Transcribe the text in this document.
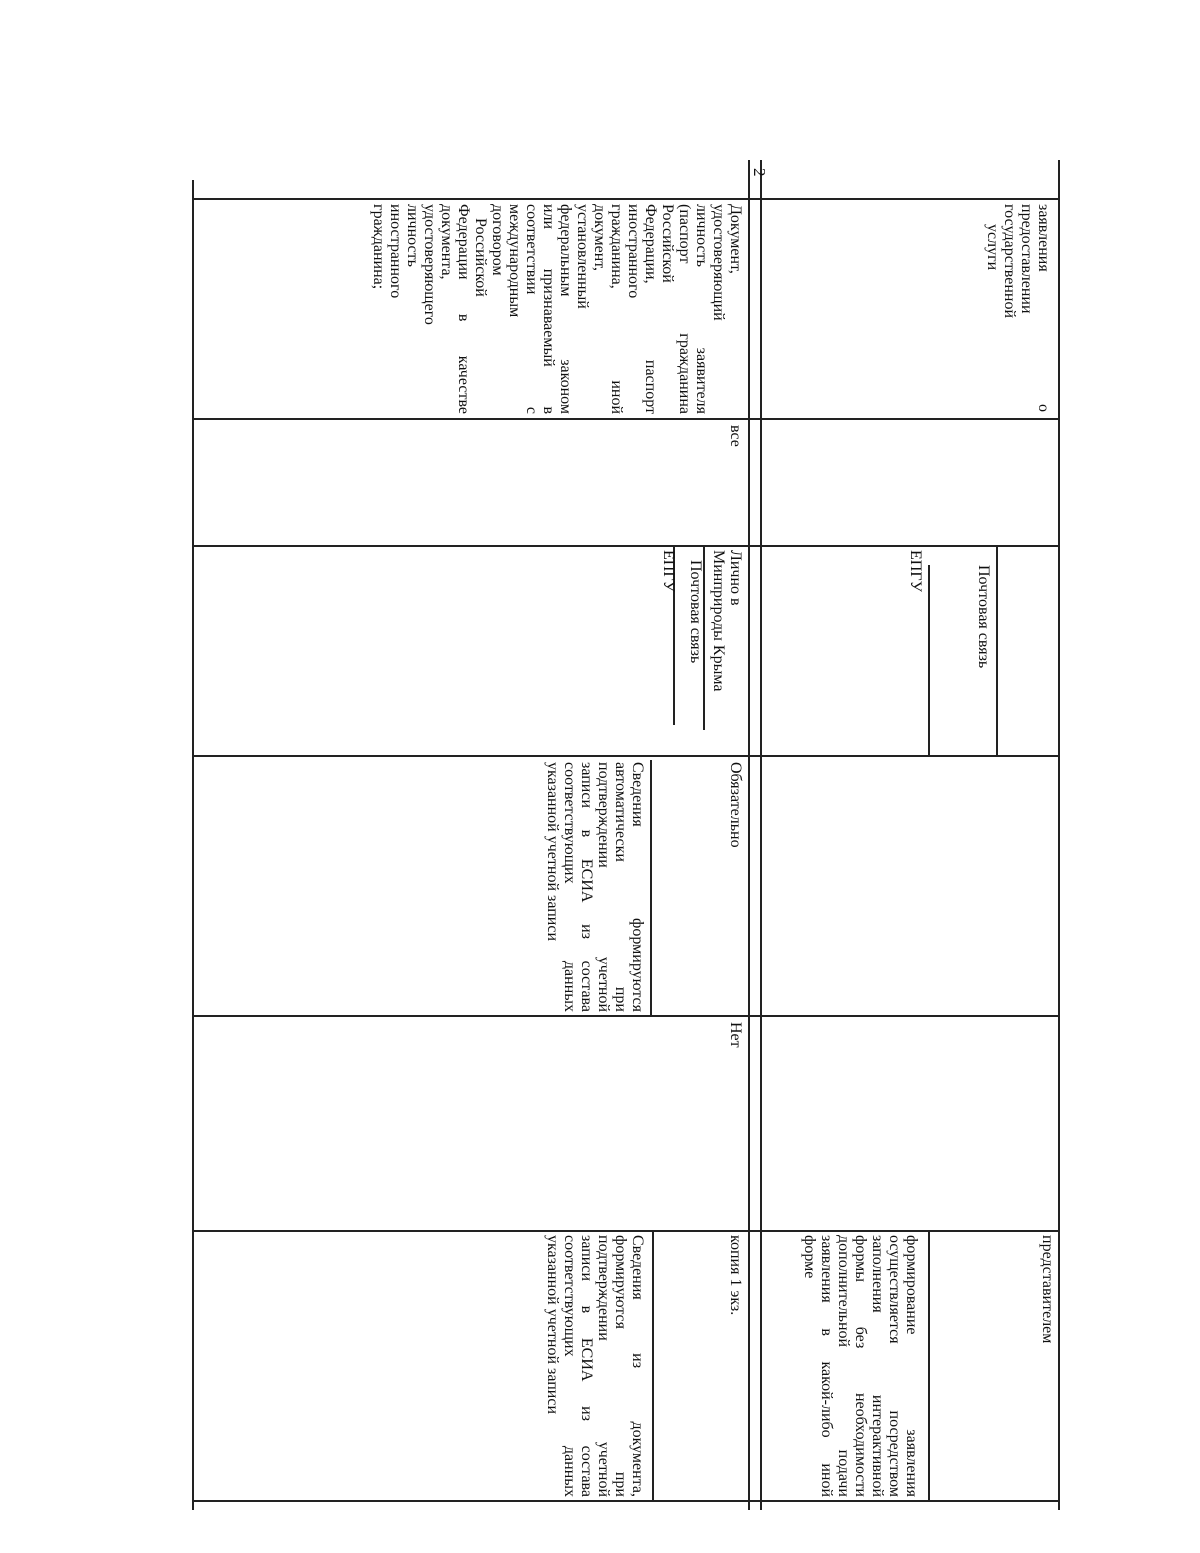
заявления
о
предоставлении
государственной
услуги
Почтовая связь
ЕПГУ
представителем
формирование заявления
осуществляется посредством
заполнения интерактивной
формы без необходимости
дополнительной подачи
заявления в какой-либо иной
форме
2
Документ,
удостоверяющий
личность заявителя
(паспорт гражданина
Российской
Федерации, паспорт
иностранного
гражданина, иной
документ,
установленный
федеральным законом
или признаваемый в
соответствии с
международным
договором
Российской
Федерации в качестве
документа,
удостоверяющего
личность
иностранного
гражданина;
все
Лично в
Минприроды Крыма
Почтовая связь
ЕПГУ
Обязательно
Сведения формируются
автоматически при
подтверждении учетной
записи в ЕСИА из состава
соответствующих данных
указанной учетной записи
Нет
копия 1 экз.
Сведения из документа,
формируются при
подтверждении учетной
записи в ЕСИА из состава
соответствующих данных
указанной учетной записи
